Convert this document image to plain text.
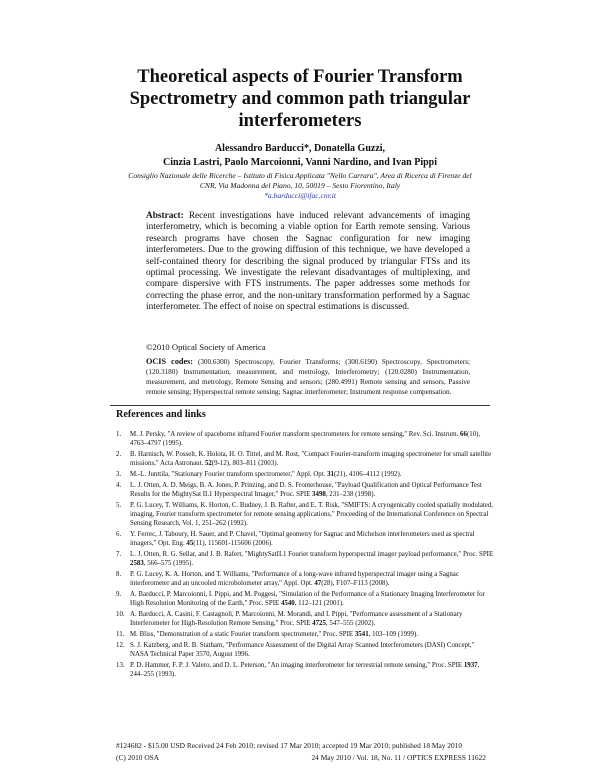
Theoretical aspects of Fourier Transform Spectrometry and common path triangular interferometers
Alessandro Barducci*, Donatella Guzzi,
Cinzia Lastri, Paolo Marcoionni, Vanni Nardino, and Ivan Pippi
Consiglio Nazionale delle Ricerche – Istituto di Fisica Applicata "Nello Carrara", Area di Ricerca di Firenze del
CNR, Via Madonna del Piano, 10, 50019 – Sesto Fiorentino, Italy
*a.barducci@ifac.cnr.it
Abstract: Recent investigations have induced relevant advancements of imaging interferometry, which is becoming a viable option for Earth remote sensing. Various research programs have chosen the Sagnac configuration for new imaging interferometers. Due to the growing diffusion of this technique, we have developed a self-contained theory for describing the signal produced by triangular FTSs and its optimal processing. We investigate the relevant disadvantages of multiplexing, and compare dispersive with FTS instruments. The paper addresses some methods for correcting the phase error, and the non-unitary transformation performed by a Sagnac interferometer. The effect of noise on spectral estimations is discussed.
©2010 Optical Society of America
OCIS codes: (300.6300) Spectroscopy, Fourier Transforms; (300.6190) Spectroscopy, Spectrometers; (120.3180) Instrumentation, measurement, and metrology, Interferometry; (120.0280) Instrumentation, measurement, and metrology, Remote Sensing and sensors; (280.4991) Remote sensing and sensors, Passive remote sensing; Hyperspectral remote sensing; Sagnac interferometer; Instrument response compensation.
References and links
1. M. J. Persky, "A review of spaceborne infrared Fourier transform spectrometers for remote sensing," Rev. Sci. Instrum. 66(10), 4763–4797 (1995).
2. B. Harnisch, W. Posselt, K. Holota, H. O. Tittel, and M. Rost, "Compact Fourier-transform imaging spectrometer for small satellite missions," Acta Astronaut. 52(9-12), 803–811 (2003).
3. M.-L. Junttila, "Stationary Fourier transform spectrometer," Appl. Opt. 31(21), 4106–4112 (1992).
4. L. J. Otten, A. D. Meigs, B. A. Jones, P. Prinzing, and D. S. Fronterhouse, "Payload Qualification and Optical Performance Test Results for the MightySat II.1 Hyperspectral Imager," Proc. SPIE 3498, 231–238 (1998).
5. P. G. Lucey, T. Williams, K. Horton, C. Budney, J. B. Rafter, and E. T. Risk, "SMIFTS: A cryogenically cooled spatially modulated, imaging, Fourier transform spectrometer for remote sensing applications," Proceeding of the International Conference on Spectral Sensing Research, Vol. 1, 251–262 (1992).
6. Y. Ferrec, J. Taboury, H. Sauer, and P. Chavel, "Optimal geometry for Sagnac and Michelson interferometers used as spectral imagers," Opt. Eng. 45(11), 115601-115606 (2006).
7. L. J. Otten, R. G. Sellar, and J. B. Rafert, "MightySatII.1 Fourier transform hyperspectral imager payload performance," Proc. SPIE 2583, 566–575 (1995).
8. P. G. Lucey, K. A. Horton, and T. Williams, "Performance of a long-wave infrared hyperspectral imager using a Sagnac interferometer and an uncooled microbolometer array," Appl. Opt. 47(28), F107–F113 (2008).
9. A. Barducci, P. Marcoionni, I. Pippi, and M. Poggesi, "Simulation of the Performance of a Stationary Imaging Interferometer for High Resolution Monitoring of the Earth," Proc. SPIE 4540, 112–121 (2001).
10. A. Barducci, A. Casini, F. Castagnoli, P. Marcoionni, M. Morandi, and I. Pippi, "Performance assessment of a Stationary Interferometer for High-Resolution Remote Sensing," Proc. SPIE 4725, 547–555 (2002).
11. M. Bliss, "Demonstration of a static Fourier transform spectrometer," Proc. SPIE 3541, 103–109 (1999).
12. S. J. Katzberg, and R. B. Statham, "Performance Assessment of the Digital Array Scanned Interferometers (DASI) Concept," NASA Technical Paper 3570, August 1996.
13. P. D. Hammer, F. P. J. Valero, and D. L. Peterson, "An imaging interferometer for terrestrial remote sensing," Proc. SPIE 1937, 244–255 (1993).
#124682 - $15.00 USD Received 24 Feb 2010; revised 17 Mar 2010; accepted 19 Mar 2010; published 18 May 2010
(C) 2010 OSA	24 May 2010 / Vol. 18, No. 11 / OPTICS EXPRESS 11622
